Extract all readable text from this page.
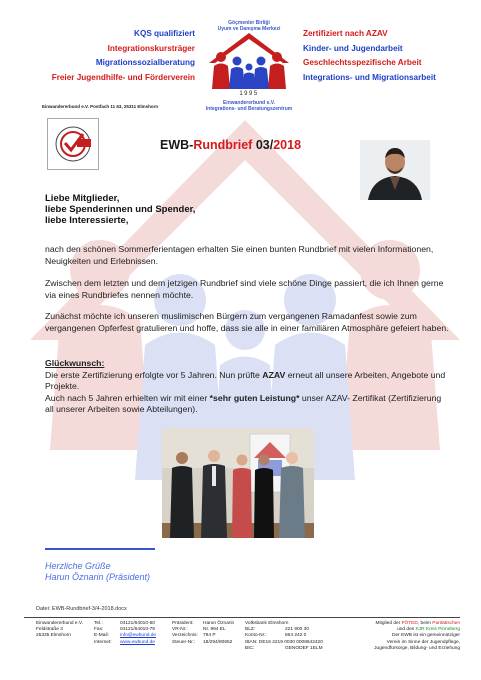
KQS qualifiziert
Integrationskursträger
Migrationssozialberatung
Freier Jugendhilfe- und Förderverein
Göçmenler Birliği
Uyum ve Danışma Merkezi
1995
Einwandererbund e.V.
Integrations- und Beratungszentrum
Zertifiziert nach AZAV
Kinder- und Jugendarbeit
Geschlechtsspezifische Arbeit
Integrations- und Migrationsarbeit
Einwandererbund e.V. Postfach 11 63, 25311 Elmshorn
EWB-Rundbrief 03/2018
Liebe Mitglieder,
liebe Spenderinnen und Spender,
liebe Interessierte,
nach den schönen Sommerferientagen erhalten Sie einen bunten Rundbrief mit vielen Informationen, Neuigkeiten und Erlebnissen.
Zwischen dem letzten und dem jetzigen Rundbrief sind viele schöne Dinge passiert, die ich Ihnen gerne via eines Rundbriefes nennen möchte.
Zunächst möchte ich unseren muslimischen Bürgern zum vergangenen Ramadanfest sowie zum vergangenen Opferfest gratulieren und hoffe, dass sie alle in einer familiären Atmosphäre gefeiert haben.
Glückwunsch:
Die erste Zertifizierung erfolgte vor 5 Jahren. Nun prüfte AZAV erneut all unsere Arbeiten, Angebote und Projekte.
Auch nach 5 Jahren erhielten wir mit einer *sehr guten Leistung* unser AZAV- Zertifikat (Zertifizierung all unserer Arbeiten sowie Abteilungen).
Herzliche Grüße
Harun Öznarin (Präsident)
Datei: EWB-Rundbrief-3/4-2018.docx
Einwandererbund e.V.
Feldstraße 3
25335 Elmshorn
Tel.:
Fax:
E-Mail:
Internet:
04121/64010-60
04121/64010-79
info@ewbund.de
www.ewbund.de
Präsident:
VR-Nr.:
Verzeichnis:
Steuer-Nr.:
Harun Öznarin
Nr. 994 EL
794 P
18/294/80652
Volksbank Elmshorn
BLZ:
Konto-Nr.:
IBAN: DE16 2219 0030 0008642420
BIC:

221 900 30
864 242 0

GENODEF 1ELM
Mitglied der FÖTED, beim Paritätischen
und des KJR Kreis Pinneberg
Der EWB ist ein gemeinnütziger
Verein im Sinne der Jugendpflege,
Jugendfürsorge, Bildung- und Erziehung
